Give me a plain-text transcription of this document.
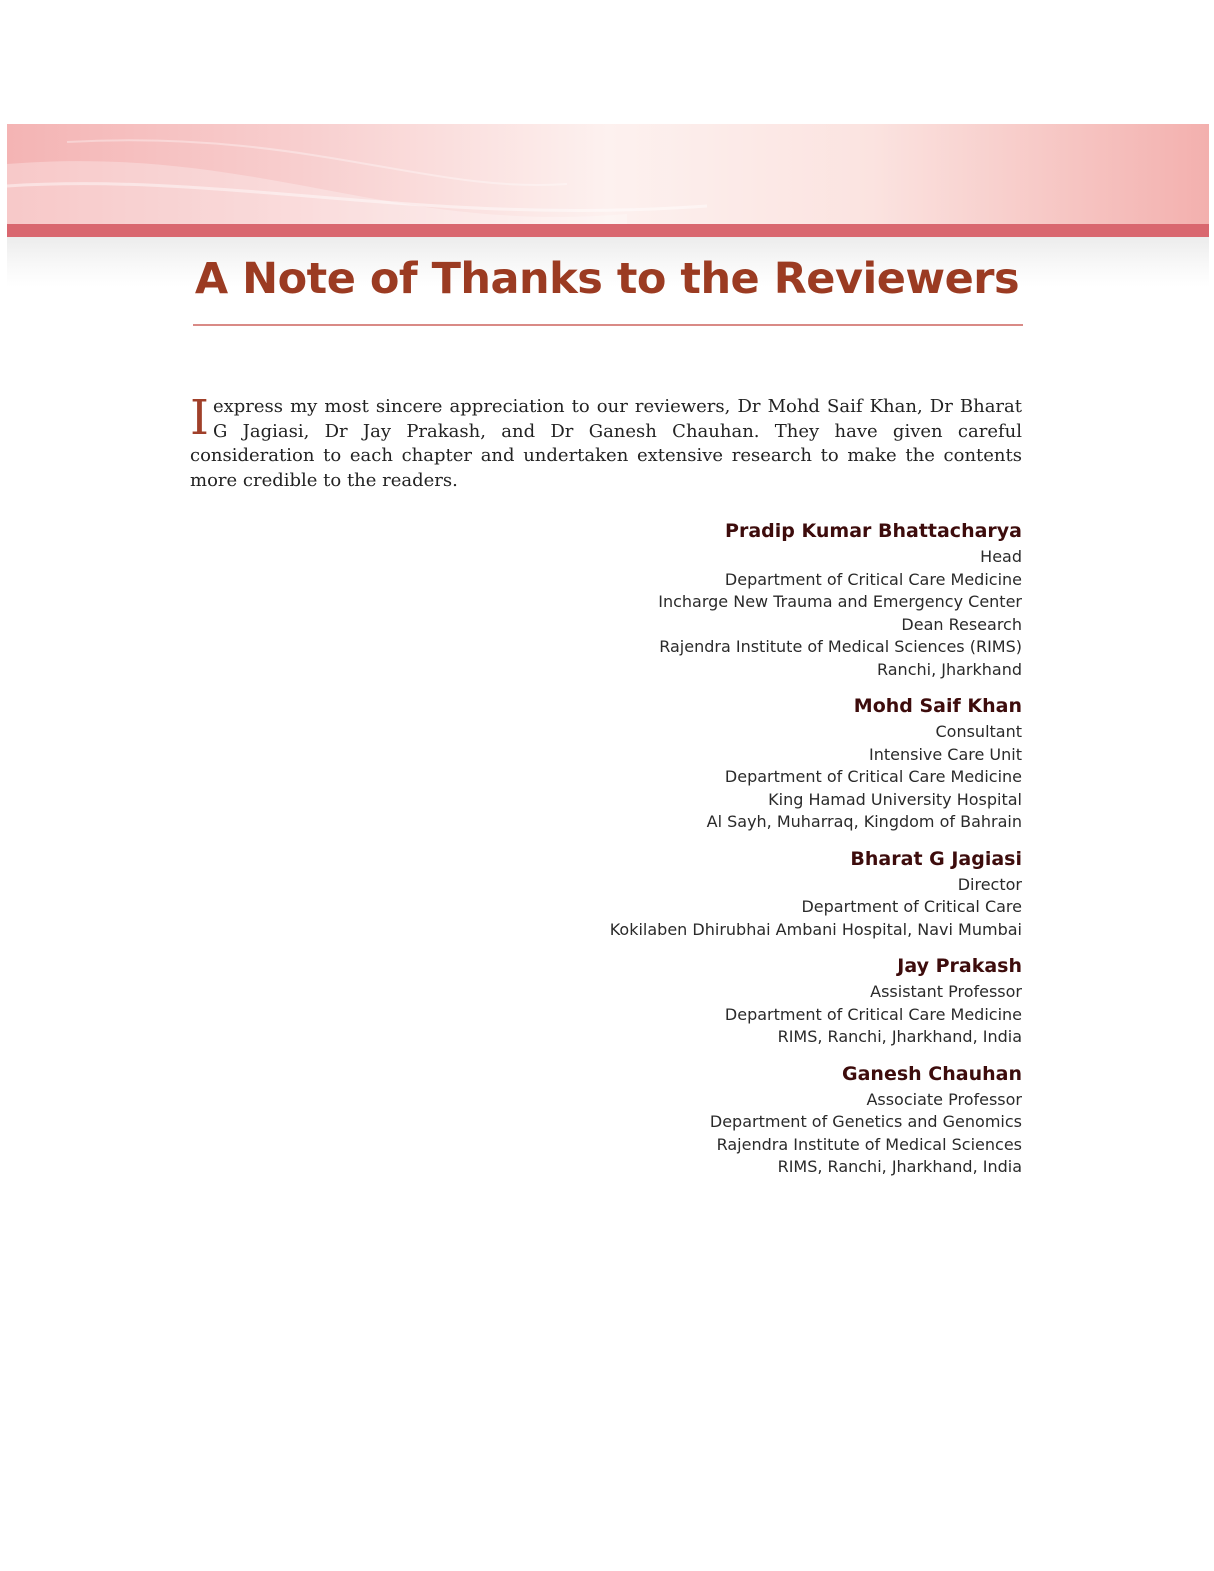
A Note of Thanks to the Reviewers

Iexpress my most sincere appreciation to our reviewers, Dr Mohd Saif Khan, Dr Bharat G Jagiasi, Dr Jay Prakash, and Dr Ganesh Chauhan. They have given careful consideration to each chapter and undertaken extensive research to make the contents more credible to the readers.

Pradip Kumar Bhattacharya
Head
Department of Critical Care Medicine
Incharge New Trauma and Emergency Center
Dean Research
Rajendra Institute of Medical Sciences (RIMS)
Ranchi, Jharkhand
Mohd Saif Khan
Consultant
Intensive Care Unit
Department of Critical Care Medicine
King Hamad University Hospital
Al Sayh, Muharraq, Kingdom of Bahrain
Bharat G Jagiasi
Director
Department of Critical Care
Kokilaben Dhirubhai Ambani Hospital, Navi Mumbai
Jay Prakash
Assistant Professor
Department of Critical Care Medicine
RIMS, Ranchi, Jharkhand, India
Ganesh Chauhan
Associate Professor
Department of Genetics and Genomics
Rajendra Institute of Medical Sciences
RIMS, Ranchi, Jharkhand, India
